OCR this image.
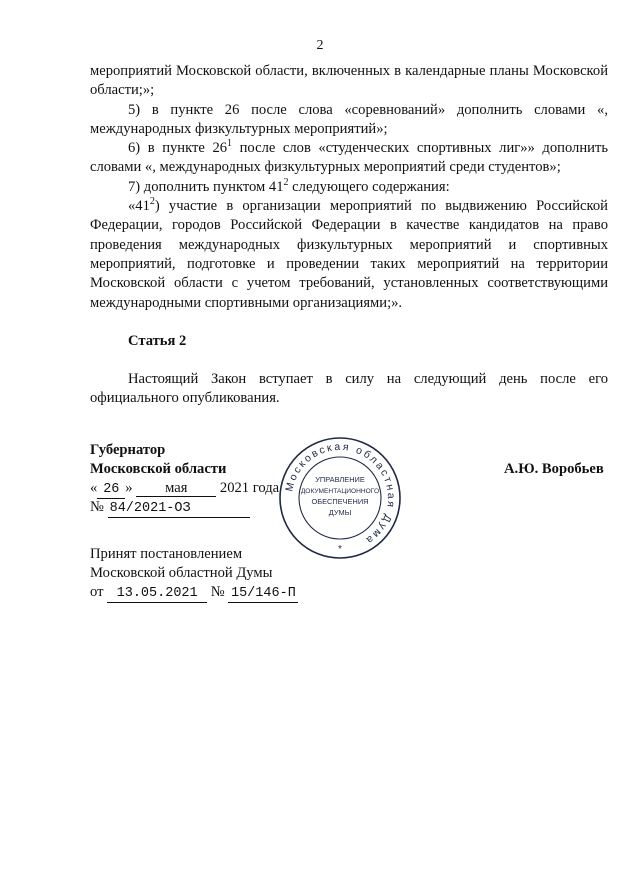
2

мероприятий Московской области, включенных в календарные планы Московской области;»;

5) в пункте 26 после слова «соревнований» дополнить словами «, международных физкультурных мероприятий»;

6) в пункте $26^1$ после слов «студенческих спортивных лиг»» дополнить словами «, международных физкультурных мероприятий среди студентов»;

7) дополнить пунктом $41^2$ следующего содержания:

«$41^2$) участие в организации мероприятий по выдвижению Российской Федерации, городов Российской Федерации в качестве кандидатов на право проведения международных физкультурных мероприятий и спортивных мероприятий, подготовке и проведении таких мероприятий на территории Московской области с учетом требований, установленных соответствующими международными спортивными организациями;».

Статья 2

Настоящий Закон вступает в силу на следующий день после его официального опубликования.

Губернатор
Московской области	А.Ю. Воробьев
« 26 » мая 2021 года
№ 84/2021-ОЗ
Принят постановлением
Московской областной Думы
от 13.05.2021 № 15/146-П
Московская областная Дума
УПРАВЛЕНИЕ
ДОКУМЕНТАЦИОННОГО
ОБЕСПЕЧЕНИЯ
ДУМЫ
*
